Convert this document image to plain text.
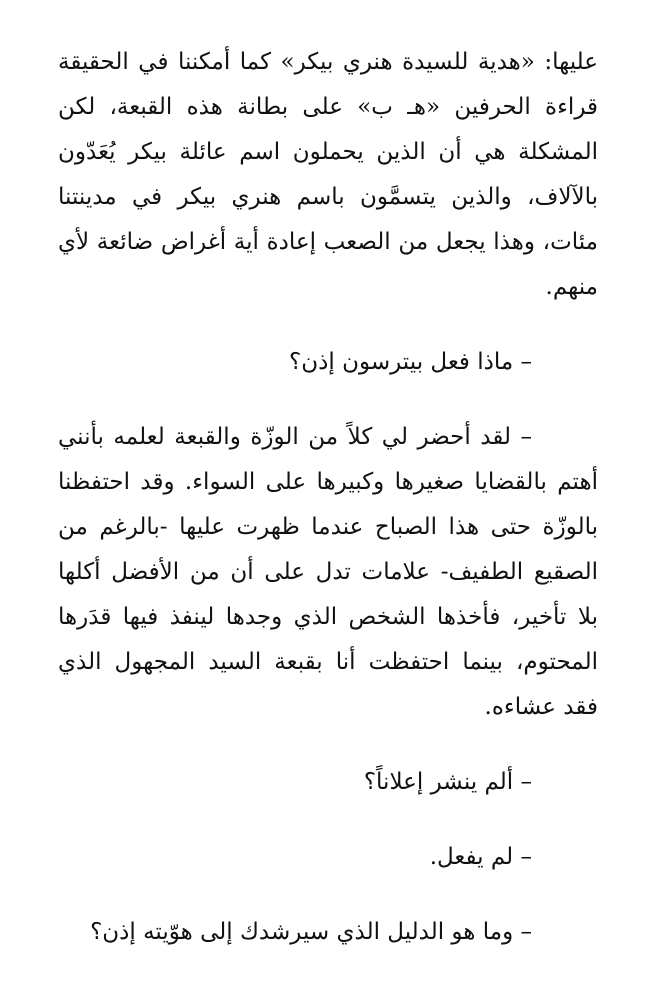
عليها: «هدية للسيدة هنري بيكر» كما أمكننا في الحقيقة قراءة الحرفين «هـ ب» على بطانة هذه القبعة، لكن المشكلة هي أن الذين يحملون اسم عائلة بيكر يُعَدّون بالآلاف، والذين يتسمَّون باسم هنري بيكر في مدينتنا مئات، وهذا يجعل من الصعب إعادة أية أغراض ضائعة لأي منهم.

– ماذا فعل بيترسون إذن؟

– لقد أحضر لي كلاً من الوزّة والقبعة لعلمه بأنني أهتم بالقضايا صغيرها وكبيرها على السواء. وقد احتفظنا بالوزّة حتى هذا الصباح عندما ظهرت عليها -بالرغم من الصقيع الطفيف- علامات تدل على أن من الأفضل أكلها بلا تأخير، فأخذها الشخص الذي وجدها لينفذ فيها قدَرها المحتوم، بينما احتفظت أنا بقبعة السيد المجهول الذي فقد عشاءه.

– ألم ينشر إعلاناً؟

– لم يفعل.

– وما هو الدليل الذي سيرشدك إلى هوّيته إذن؟
